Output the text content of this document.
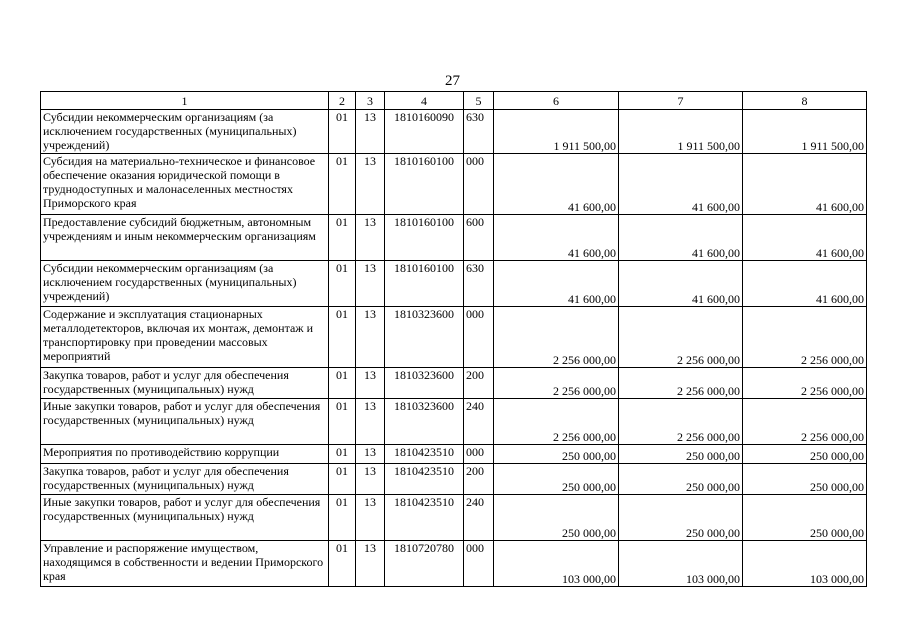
27
1	2	3	4	5	6	7	8
Субсидии некоммерческим организациям (за исключением государственных (муниципальных) учреждений)	01	13	1810160090	630	1 911 500,00	1 911 500,00	1 911 500,00
Субсидия на материально-техническое и финансовое обеспечение оказания юридической помощи в труднодоступных и малонаселенных местностях Приморского края	01	13	1810160100	000	41 600,00	41 600,00	41 600,00
Предоставление субсидий бюджетным, автономным учреждениям и иным некоммерческим организациям	01	13	1810160100	600	41 600,00	41 600,00	41 600,00
Субсидии некоммерческим организациям (за исключением государственных (муниципальных) учреждений)	01	13	1810160100	630	41 600,00	41 600,00	41 600,00
Содержание и эксплуатация стационарных металлодетекторов, включая их монтаж, демонтаж и транспортировку при проведении массовых мероприятий	01	13	1810323600	000	2 256 000,00	2 256 000,00	2 256 000,00
Закупка товаров, работ и услуг для обеспечения государственных (муниципальных) нужд	01	13	1810323600	200	2 256 000,00	2 256 000,00	2 256 000,00
Иные закупки товаров, работ и услуг для обеспечения государственных (муниципальных) нужд	01	13	1810323600	240	2 256 000,00	2 256 000,00	2 256 000,00
Мероприятия по противодействию коррупции	01	13	1810423510	000	250 000,00	250 000,00	250 000,00
Закупка товаров, работ и услуг для обеспечения государственных (муниципальных) нужд	01	13	1810423510	200	250 000,00	250 000,00	250 000,00
Иные закупки товаров, работ и услуг для обеспечения государственных (муниципальных) нужд	01	13	1810423510	240	250 000,00	250 000,00	250 000,00
Управление и распоряжение имуществом, находящимся в собственности и ведении Приморского края	01	13	1810720780	000	103 000,00	103 000,00	103 000,00
